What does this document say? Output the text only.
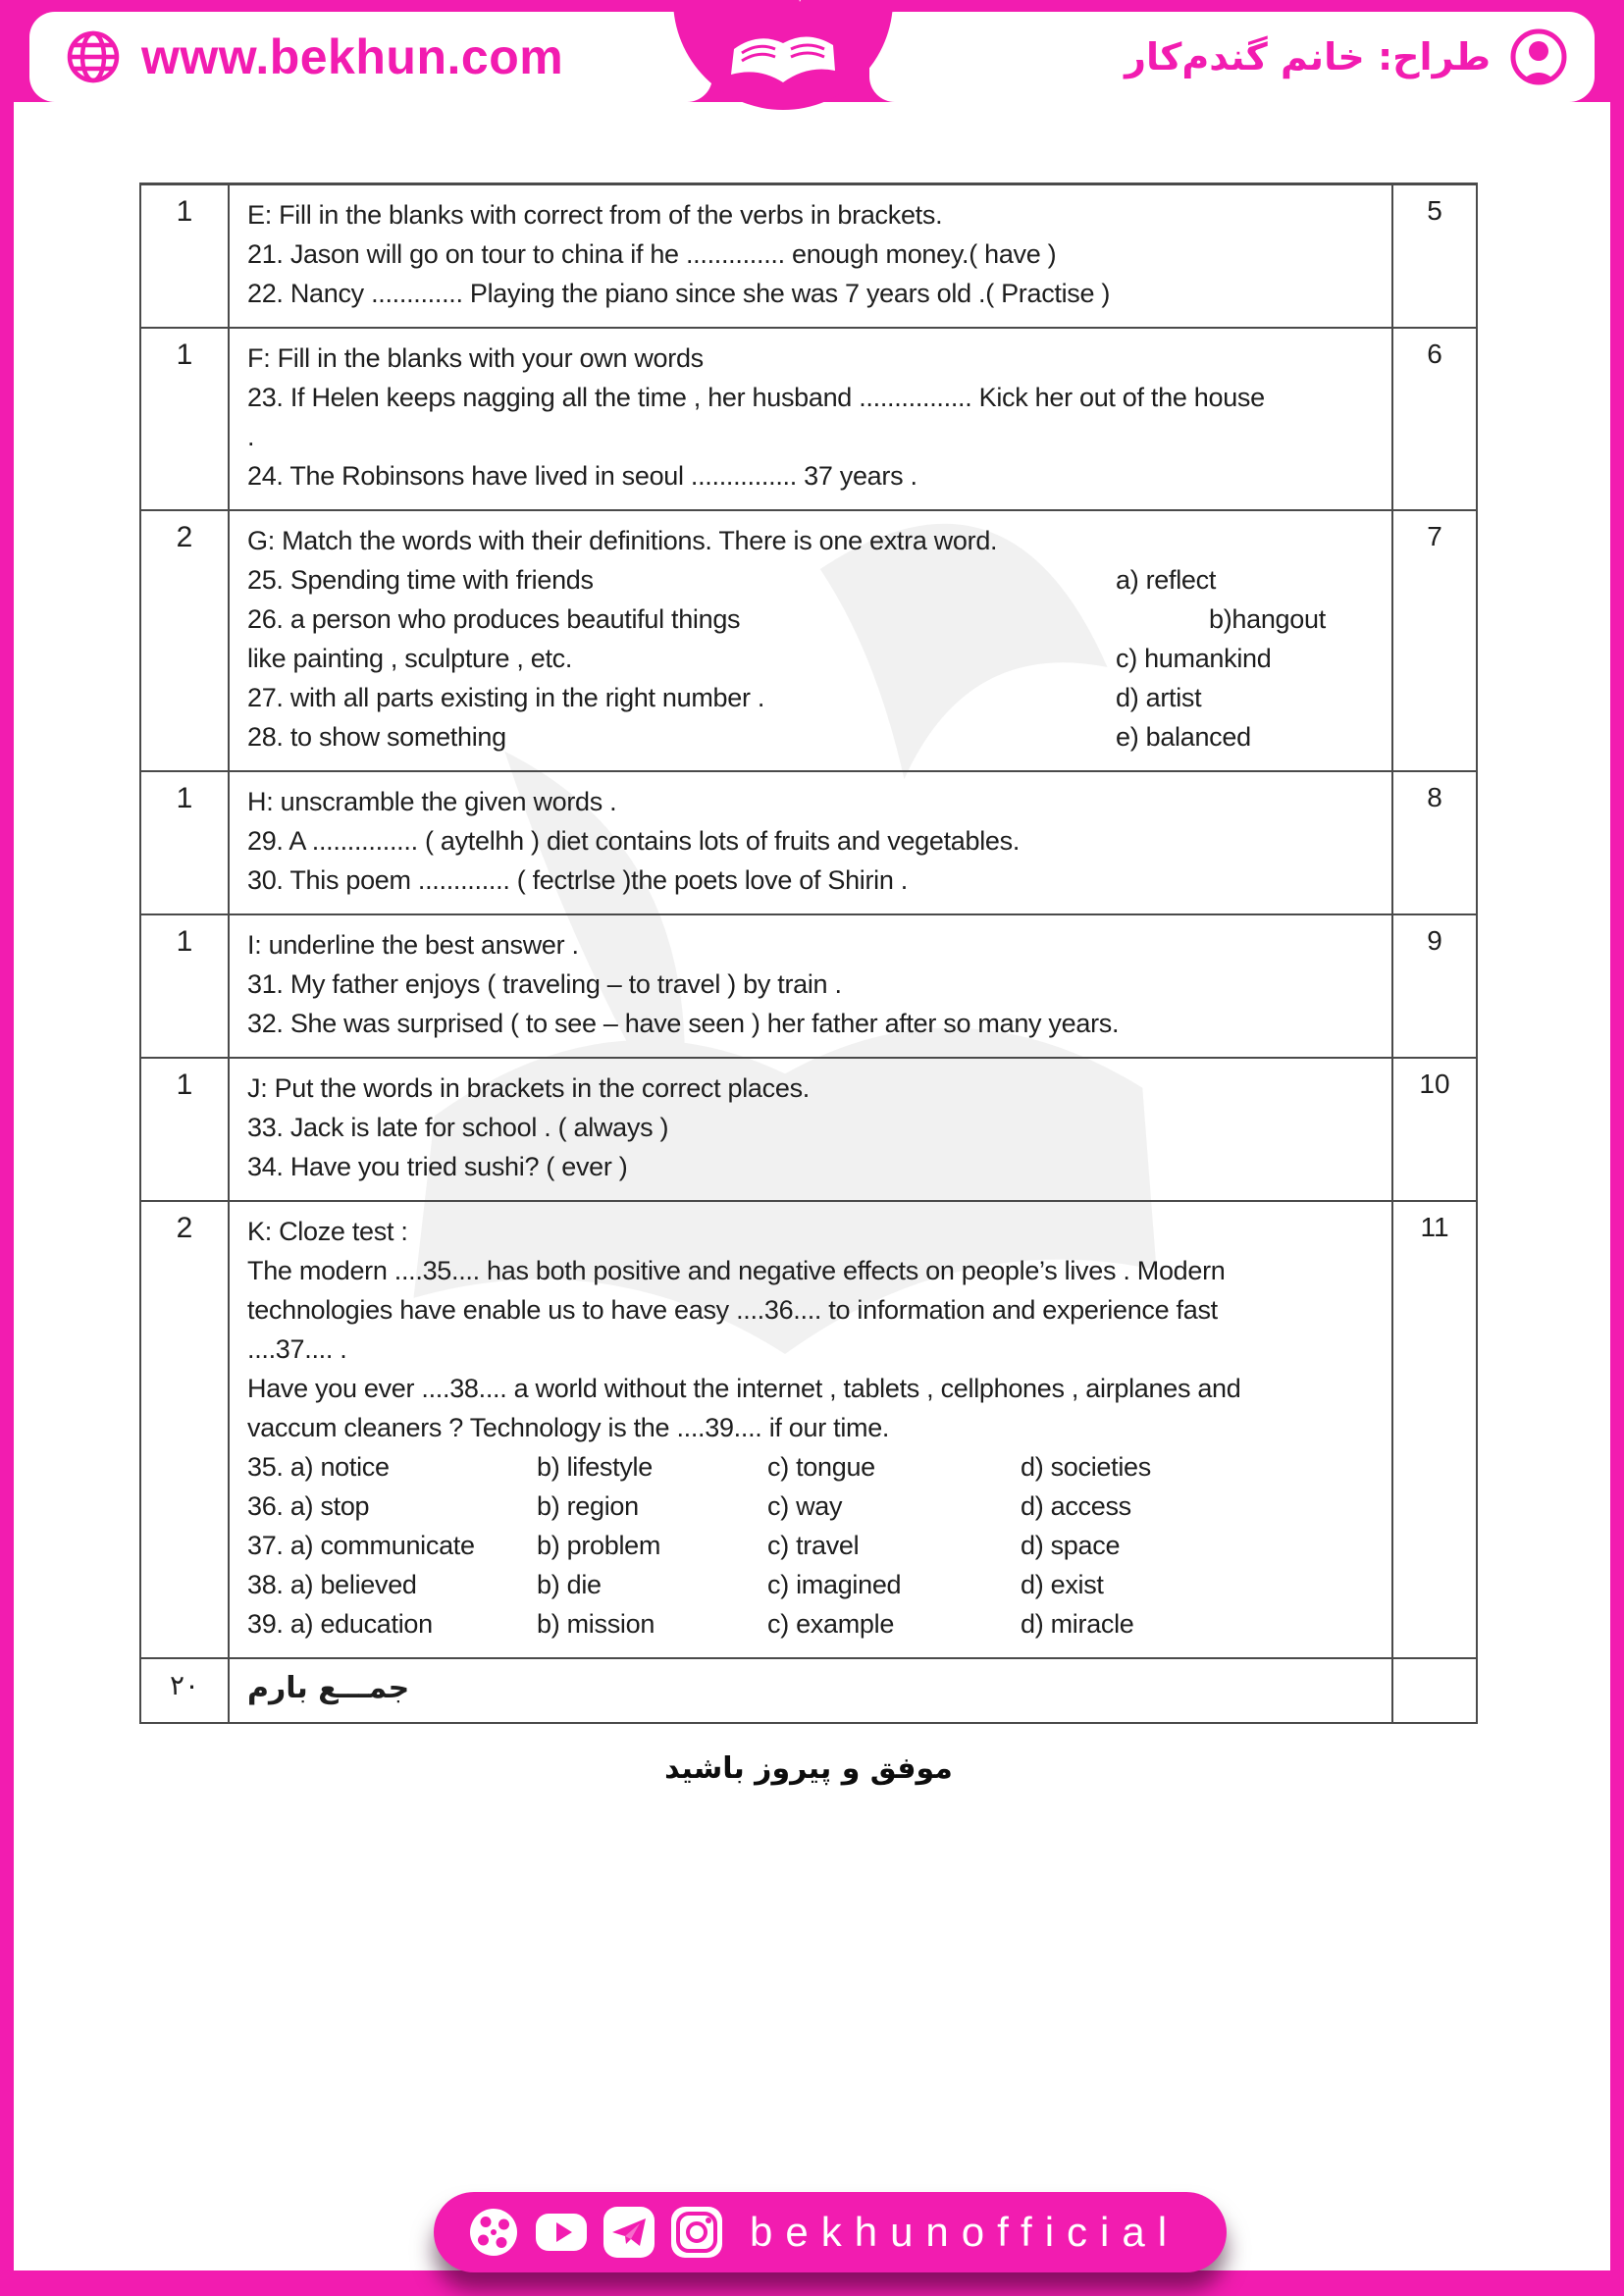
www.bekhun.com	طراح: خانم گندم‌کار
1	E: Fill in the blanks with correct from of the verbs in brackets.
21. Jason will go on tour to china if he .............. enough money.( have )
22. Nancy ............. Playing the piano since she was 7 years old .( Practise )
5
1	F: Fill in the blanks with your own words
23. If Helen keeps nagging all the time , her husband ................ Kick her out of the house
.
24. The Robinsons have lived in seoul ............... 37 years .
6
2	G: Match the words with their definitions. There is one extra word.
25. Spending time with friends	a) reflect
26. a person who produces beautiful things	b)hangout
like painting , sculpture , etc.	c) humankind
27. with all parts existing in the right number .	d) artist
28. to show something	e) balanced
7
1	H: unscramble the given words .
29. A ............... ( aytelhh ) diet contains lots of fruits and vegetables.
30. This poem ............. ( fectrlse )the poets love of Shirin .
8
1	I: underline the best answer .
31. My father enjoys ( traveling – to travel ) by train .
32. She was surprised ( to see – have seen ) her father after so many years.
9
1	J: Put the words in brackets in the correct places.
33. Jack is late for school . ( always )
34. Have you tried sushi? ( ever )
10
2	K: Cloze test :
The modern ....35.... has both positive and negative effects on people’s lives . Modern
technologies have enable us to have easy ....36.... to information and experience fast
....37.... .
Have you ever ....38.... a world without the internet , tablets , cellphones , airplanes and
vaccum cleaners ? Technology is the ....39.... if our time.
35. a) notice	b) lifestyle	c) tongue	d) societies
36. a) stop	b) region	c) way	d) access
37. a) communicate	b) problem	c) travel	d) space
38. a) believed	b) die	c) imagined	d) exist
39. a) education	b) mission	c) example	d) miracle
11
۲۰	جمـــع بارم
موفق و پیروز باشید
bekhunofficial
